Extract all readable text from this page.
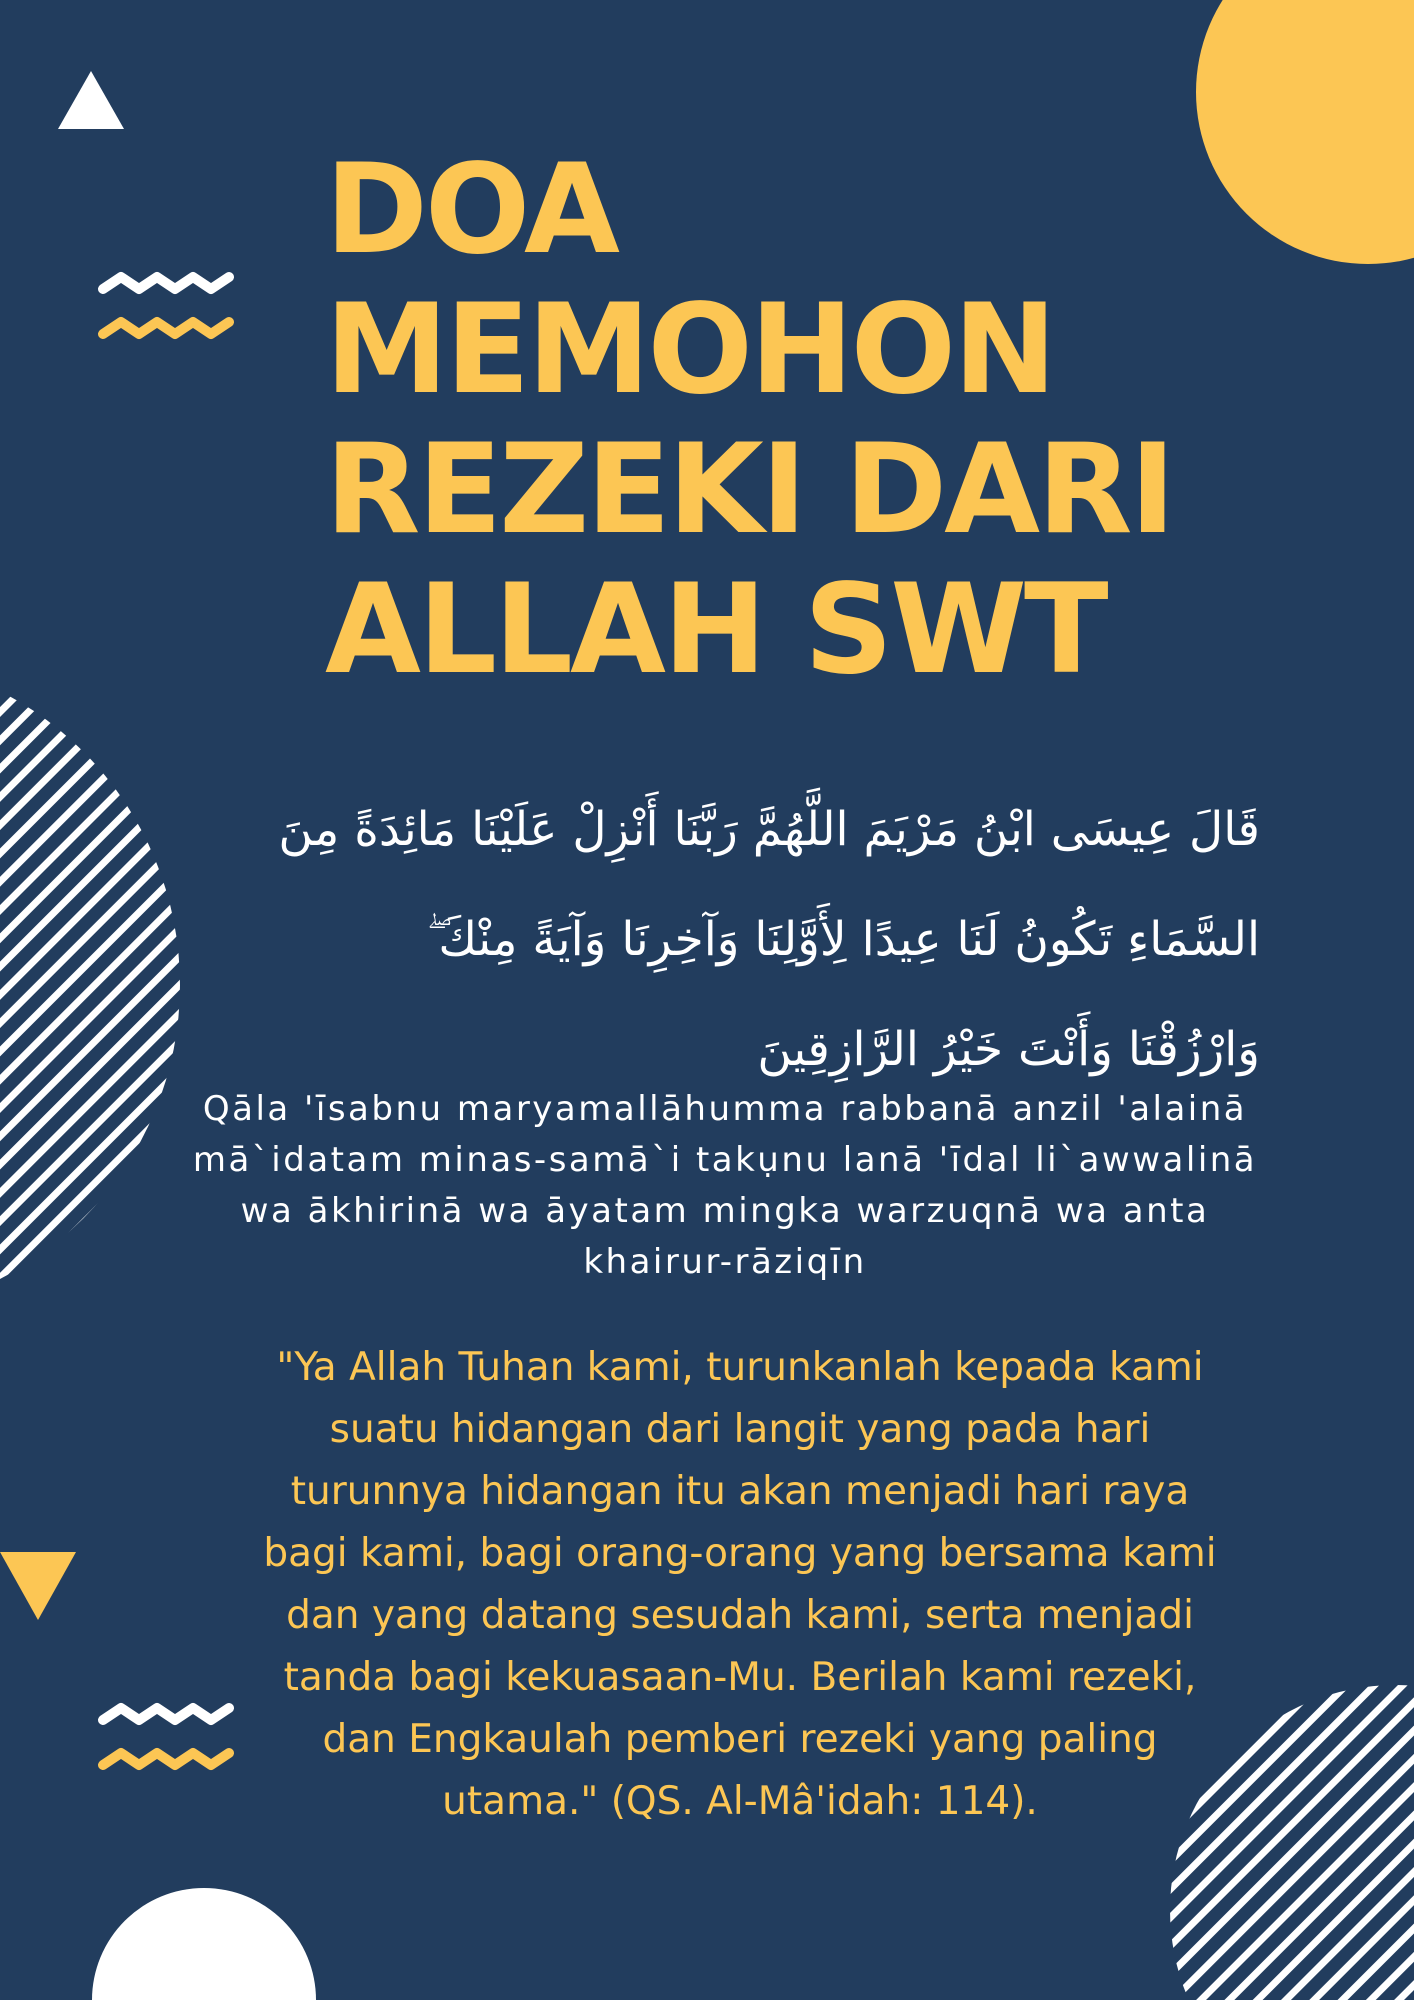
DOA
MEMOHON
REZEKI DARI
ALLAH SWT
قَالَ عِيسَى ابْنُ مَرْيَمَ اللَّهُمَّ رَبَّنَا أَنْزِلْ عَلَيْنَا مَائِدَةً مِنَ
السَّمَاءِ تَكُونُ لَنَا عِيدًا لِأَوَّلِنَا وَآخِرِنَا وَآيَةً مِنْكَ ۖ
وَارْزُقْنَا وَأَنْتَ خَيْرُ الرَّازِقِينَ
Qāla 'īsabnu maryamallāhumma rabbanā anzil 'alainā
mā`idatam minas-samā`i takụnu lanā 'īdal li`awwalinā
wa ākhirinā wa āyatam mingka warzuqnā wa anta
khairur-rāziqīn
"Ya Allah Tuhan kami, turunkanlah kepada kami
suatu hidangan dari langit yang pada hari
turunnya hidangan itu akan menjadi hari raya
bagi kami, bagi orang-orang yang bersama kami
dan yang datang sesudah kami, serta menjadi
tanda bagi kekuasaan-Mu. Berilah kami rezeki,
dan Engkaulah pemberi rezeki yang paling
utama." (QS. Al-Mâ'idah: 114).
